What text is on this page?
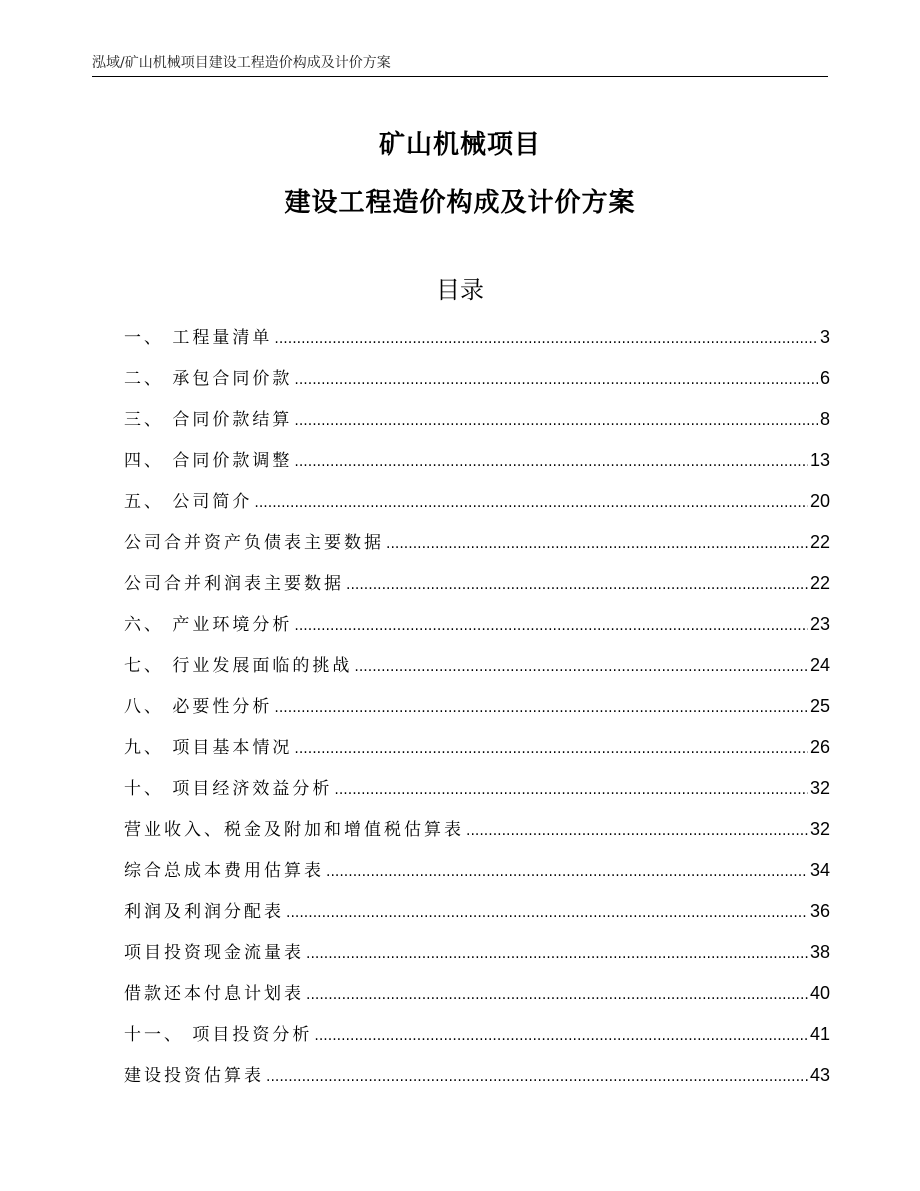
泓域/矿山机械项目建设工程造价构成及计价方案
矿山机械项目
建设工程造价构成及计价方案
目录
一、 工程量清单 .....	3
二、 承包合同价款 .....	6
三、 合同价款结算 .....	8
四、 合同价款调整 .....	13
五、 公司简介 .....	20
公司合并资产负债表主要数据 .....	22
公司合并利润表主要数据 .....	22
六、 产业环境分析 .....	23
七、 行业发展面临的挑战 .....	24
八、 必要性分析 .....	25
九、 项目基本情况 .....	26
十、 项目经济效益分析 .....	32
营业收入、税金及附加和增值税估算表 .....	32
综合总成本费用估算表 .....	34
利润及利润分配表 .....	36
项目投资现金流量表 .....	38
借款还本付息计划表 .....	40
十一、 项目投资分析 .....	41
建设投资估算表 .....	43
